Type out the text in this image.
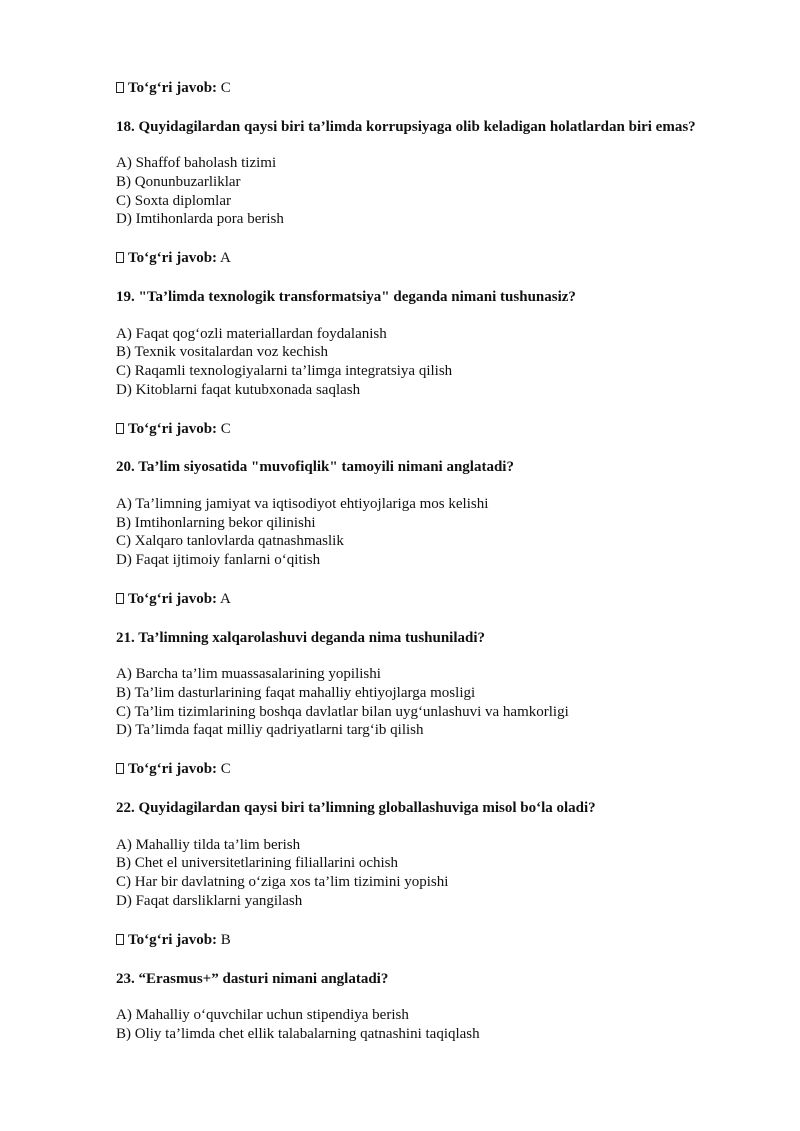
To‘g‘ri javob: C
18. Quyidagilardan qaysi biri ta’limda korrupsiyaga olib keladigan holatlardan biri emas?
A) Shaffof baholash tizimi
B) Qonunbuzarliklar
C) Soxta diplomlar
D) Imtihonlarda pora berish
To‘g‘ri javob: A
19. "Ta’limda texnologik transformatsiya" deganda nimani tushunasiz?
A) Faqat qog‘ozli materiallardan foydalanish
B) Texnik vositalardan voz kechish
C) Raqamli texnologiyalarni ta’limga integratsiya qilish
D) Kitoblarni faqat kutubxonada saqlash
To‘g‘ri javob: C
20. Ta’lim siyosatida "muvofiqlik" tamoyili nimani anglatadi?
A) Ta’limning jamiyat va iqtisodiyot ehtiyojlariga mos kelishi
B) Imtihonlarning bekor qilinishi
C) Xalqaro tanlovlarda qatnashmaslik
D) Faqat ijtimoiy fanlarni o‘qitish
To‘g‘ri javob: A
21. Ta’limning xalqarolashuvi deganda nima tushuniladi?
A) Barcha ta’lim muassasalarining yopilishi
B) Ta’lim dasturlarining faqat mahalliy ehtiyojlarga mosligi
C) Ta’lim tizimlarining boshqa davlatlar bilan uyg‘unlashuvi va hamkorligi
D) Ta’limda faqat milliy qadriyatlarni targ‘ib qilish
To‘g‘ri javob: C
22. Quyidagilardan qaysi biri ta’limning globallashuviga misol bo‘la oladi?
A) Mahalliy tilda ta’lim berish
B) Chet el universitetlarining filiallarini ochish
C) Har bir davlatning o‘ziga xos ta’lim tizimini yopishi
D) Faqat darsliklarni yangilash
To‘g‘ri javob: B
23. “Erasmus+” dasturi nimani anglatadi?
A) Mahalliy o‘quvchilar uchun stipendiya berish
B) Oliy ta’limda chet ellik talabalarning qatnashini taqiqlash
